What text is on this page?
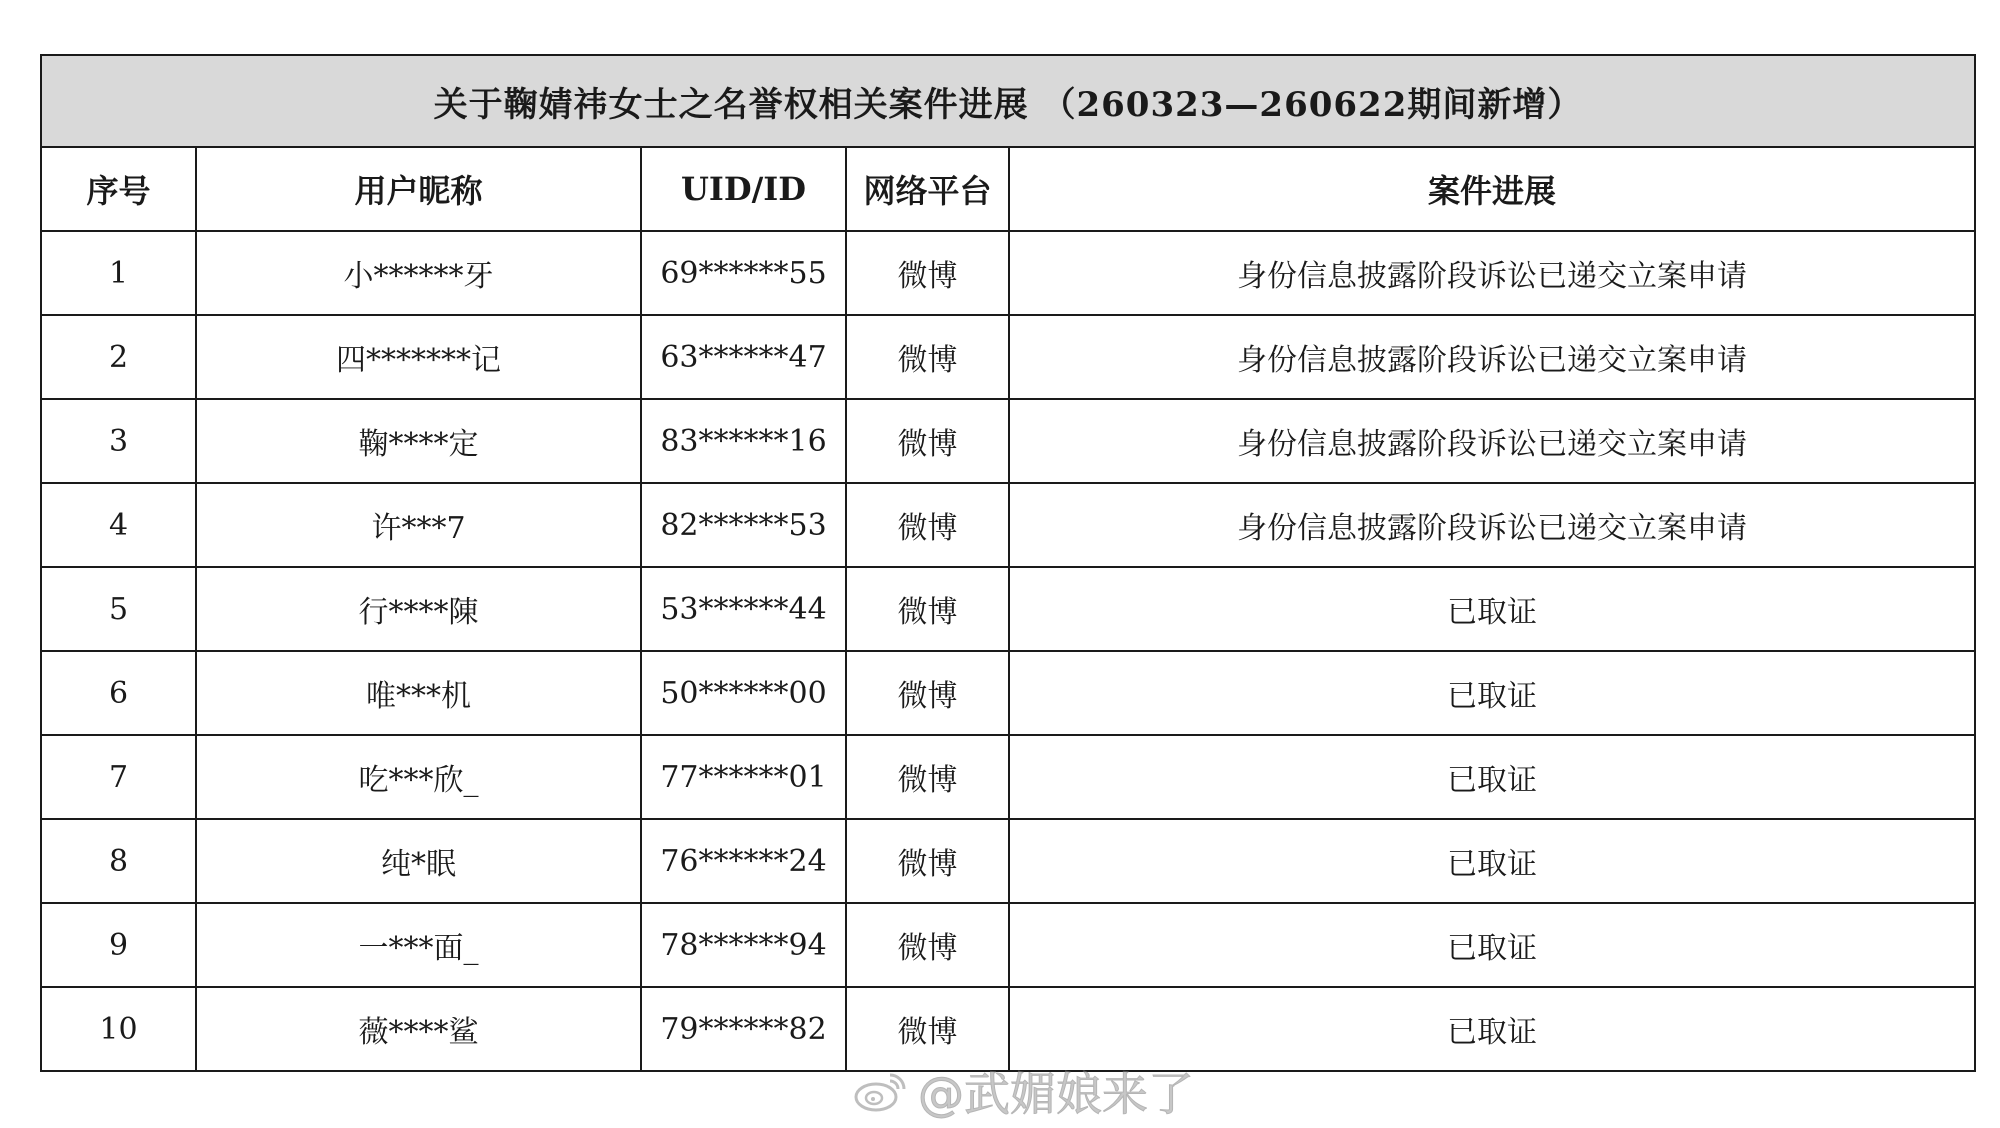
关于鞠婧祎女士之名誉权相关案件进展 （260323—260622期间新增）				
序号	用户昵称	UID/ID	网络平台	案件进展
1	小******牙	69******55	微博	身份信息披露阶段诉讼已递交立案申请
2	四*******记	63******47	微博	身份信息披露阶段诉讼已递交立案申请
3	鞠****定	83******16	微博	身份信息披露阶段诉讼已递交立案申请
4	许***7	82******53	微博	身份信息披露阶段诉讼已递交立案申请
5	行****陳	53******44	微博	已取证
6	唯***机	50******00	微博	已取证
7	吃***欣_	77******01	微博	已取证
8	纯*眠	76******24	微博	已取证
9	一***面_	78******94	微博	已取证
10	薇****鲨	79******82	微博	已取证
@武媚娘来了
